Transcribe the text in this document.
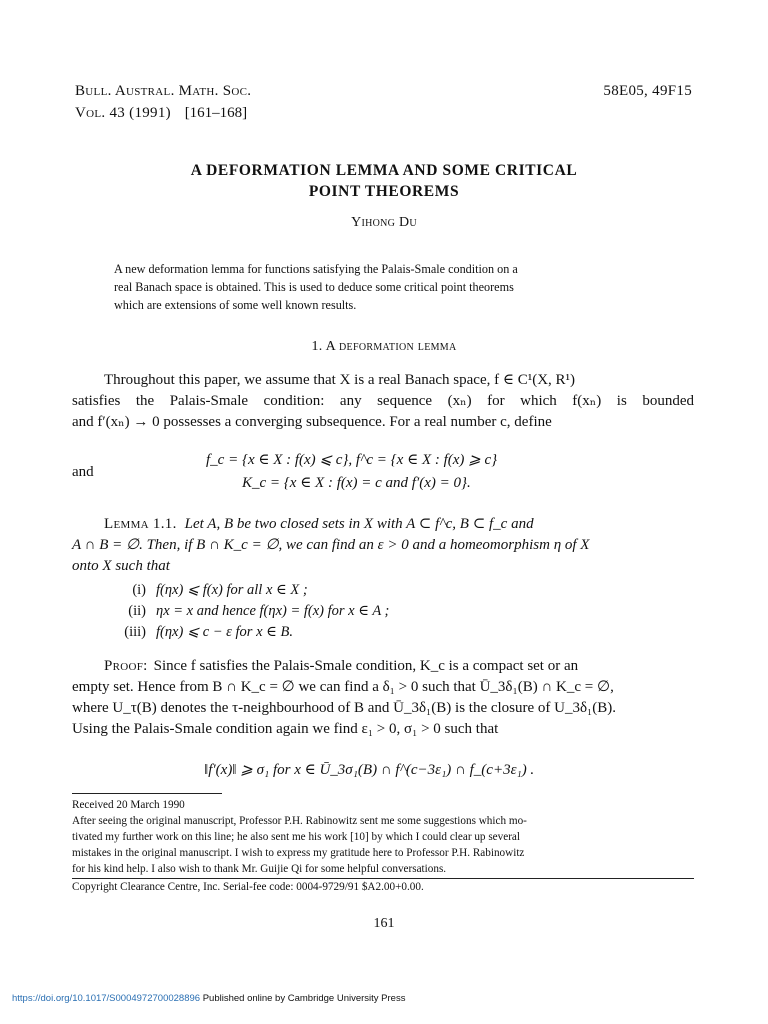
Bull. Austral. Math. Soc.	58E05, 49F15
Vol. 43 (1991) [161–168]
A DEFORMATION LEMMA AND SOME CRITICAL
POINT THEOREMS
Yihong Du
A new deformation lemma for functions satisfying the Palais-Smale condition on a
real Banach space is obtained. This is used to deduce some critical point theorems
which are extensions of some well known results.
1. A deformation lemma
Throughout this paper, we assume that X is a real Banach space, f ∈ C¹(X, R¹)
satisfies the Palais-Smale condition: any sequence (xₙ) for which f(xₙ) is bounded
and f′(xₙ) → 0 possesses a converging subsequence. For a real number c, define
f_c = {x ∈ X : f(x) ⩽ c}, f^c = {x ∈ X : f(x) ⩾ c}
and
K_c = {x ∈ X : f(x) = c and f′(x) = 0}.
Lemma 1.1. Let A, B be two closed sets in X with A ⊂ f^c, B ⊂ f_c and
A ∩ B = ∅. Then, if B ∩ K_c = ∅, we can find an ε > 0 and a homeomorphism η of X
onto X such that
(i) f(ηx) ⩽ f(x) for all x ∈ X ;
(ii) ηx = x and hence f(ηx) = f(x) for x ∈ A ;
(iii) f(ηx) ⩽ c − ε for x ∈ B.
Proof: Since f satisfies the Palais-Smale condition, K_c is a compact set or an
empty set. Hence from B ∩ K_c = ∅ we can find a δ₁ > 0 such that Ū_3δ₁(B) ∩ K_c = ∅,
where U_τ(B) denotes the τ-neighbourhood of B and Ū_3δ₁(B) is the closure of U_3δ₁(B).
Using the Palais-Smale condition again we find ε₁ > 0, σ₁ > 0 such that
‖f′(x)‖ ⩾ σ₁ for x ∈ Ū_3σ₁(B) ∩ f^(c−3ε₁) ∩ f_(c+3ε₁) .
Received 20 March 1990
After seeing the original manuscript, Professor P.H. Rabinowitz sent me some suggestions which mo-
tivated my further work on this line; he also sent me his work [10] by which I could clear up several
mistakes in the original manuscript. I wish to express my gratitude here to Professor P.H. Rabinowitz
for his kind help. I also wish to thank Mr. Guijie Qi for some helpful conversations.
Copyright Clearance Centre, Inc. Serial-fee code: 0004-9729/91 $A2.00+0.00.
161
https://doi.org/10.1017/S0004972700028896 Published online by Cambridge University Press
